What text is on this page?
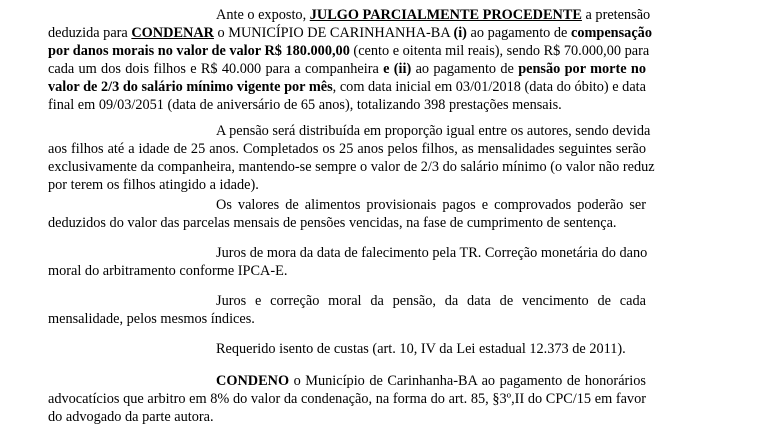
Ante o exposto, JULGO PARCIALMENTE PROCEDENTE a pretensão
deduzida para CONDENAR o MUNICÍPIO DE CARINHANHA-BA (i) ao pagamento de compensação
por danos morais no valor de valor R$ 180.000,00 (cento e oitenta mil reais), sendo R$ 70.000,00 para
cada um dos dois filhos e R$ 40.000 para a companheira e (ii) ao pagamento de pensão por morte no
valor de 2/3 do salário mínimo vigente por mês, com data inicial em 03/01/2018 (data do óbito) e data
final em 09/03/2051 (data de aniversário de 65 anos), totalizando 398 prestações mensais.
A pensão será distribuída em proporção igual entre os autores, sendo devida
aos filhos até a idade de 25 anos. Completados os 25 anos pelos filhos, as mensalidades seguintes serão
exclusivamente da companheira, mantendo-se sempre o valor de 2/3 do salário mínimo (o valor não reduz
por terem os filhos atingido a idade).
Os valores de alimentos provisionais pagos e comprovados poderão ser
deduzidos do valor das parcelas mensais de pensões vencidas, na fase de cumprimento de sentença.
Juros de mora da data de falecimento pela TR. Correção monetária do dano
moral do arbitramento conforme IPCA-E.
Juros e correção moral da pensão, da data de vencimento de cada
mensalidade, pelos mesmos índices.
Requerido isento de custas (art. 10, IV da Lei estadual 12.373 de 2011).
CONDENO o Município de Carinhanha-BA ao pagamento de honorários
advocatícios que arbitro em 8% do valor da condenação, na forma do art. 85, §3º,II do CPC/15 em favor
do advogado da parte autora.
